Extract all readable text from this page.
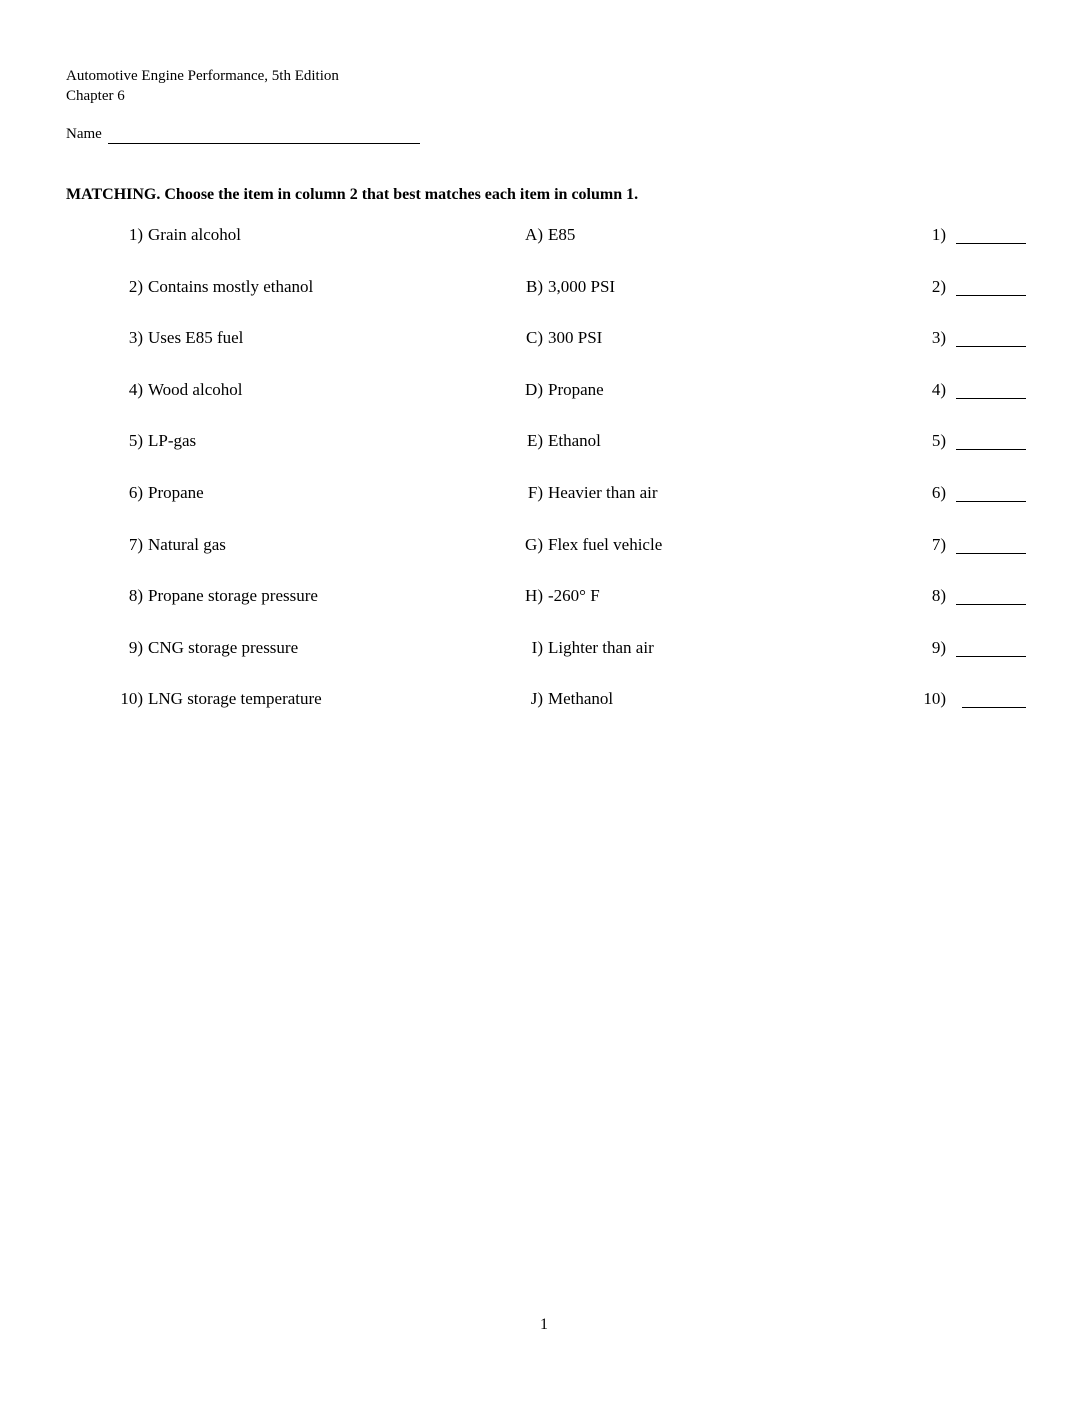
Automotive Engine Performance, 5th Edition
Chapter 6
Name
MATCHING. Choose the item in column 2 that best matches each item in column 1.
1) Grain alcohol	A) E85	1)
2) Contains mostly ethanol	B) 3,000 PSI	2)
3) Uses E85 fuel	C) 300 PSI	3)
4) Wood alcohol	D) Propane	4)
5) LP-gas	E) Ethanol	5)
6) Propane	F) Heavier than air	6)
7) Natural gas	G) Flex fuel vehicle	7)
8) Propane storage pressure	H) -260° F	8)
9) CNG storage pressure	I) Lighter than air	9)
10) LNG storage temperature	J) Methanol	10)
1
